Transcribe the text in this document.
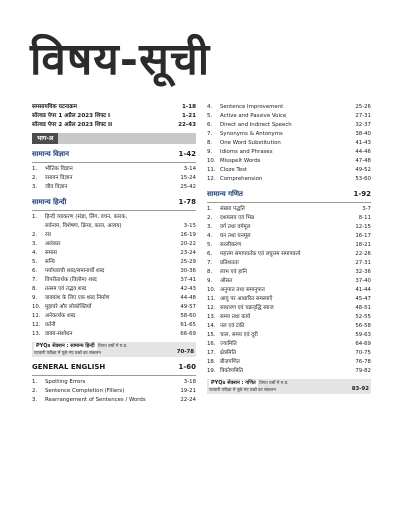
विषय-सूची
समसामयिक घटनाक्रम	1-18
सॉल्वड पेपर 1 अप्रैल 2023 शिफ्ट I	1-21
सॉल्वड पेपर 2 अप्रैल 2023 शिफ्ट II	22-43
भाग-अ
सामान्य विज्ञान	1-42
1. भौतिक विज्ञान	3-14
2. रसायन विज्ञान	15-24
3. जीव विज्ञान	25-42
सामान्य हिन्दी	1-78
1. हिन्दी व्याकरण (संज्ञा, लिंग, वचन, कारक,
सर्वनाम, विशेषण, क्रिया, काल, अव्यय)	3-15
2. रस	16-19
3. अलंकार	20-22
4. समास	23-24
5. सन्धि	25-29
6. पर्यायवाची शब्द/समानार्थी शब्द	30-36
7. विपरीतार्थक (विलोम) शब्द	37-41
8. तत्सम एवं तद्भव शब्द	42-43
9. वाक्यांश के लिए एक शब्द निर्माण	44-48
10. मुहावरे और लोकोक्तियाँ	49-57
11. अनेकार्थक शब्द	58-60
12. वर्तनी	61-65
13. वाक्य-संशोधन	66-69
PYQs सेक्शन : सामान्य हिन्दी विगत वर्षों में म.प्र.
पटवारी परीक्षा में पूछे गए प्रश्नों का संकलन	70-78
GENERAL ENGLISH	1-60
1. Spotting Errors	3-18
2. Sentence Completion (Fillers)	19-21
3. Rearrangement of Sentences / Words	22-24
4. Sentence Improvement	25-26
5. Active and Passive Voice	27-31
6. Direct and Indirect Speech	32-37
7. Synonyms & Antonyms	38-40
8. One Word Substitution	41-43
9. Idioms and Phrases	44-46
10. Misspelt Words	47-48
11. Cloze Test	49-52
12. Comprehension	53-60
सामान्य गणित	1-92
1. संख्या पद्धति	3-7
2. दशमलव एवं भिन्न	8-11
3. वर्ग तथा वर्गमूल	12-15
4. घन तथा घनमूल	16-17
5. सरलीकरण	18-21
6. महत्तम समापवर्तक एवं लघुत्तम समापवर्त्य	22-26
7. प्रतिशतता	27-31
8. लाभ एवं हानि	32-36
9. औसत	37-40
10. अनुपात तथा समानुपात	41-44
11. आयु पर आधारित समस्याएँ	45-47
12. साधारण एवं चक्रवृद्धि ब्याज	48-51
13. समय तथा कार्य	52-55
14. नल एवं टंकी	56-58
15. चाल, समय एवं दूरी	59-63
16. ज्यामिति	64-69
17. क्षेत्रमिति	70-75
18. बीजगणित	76-78
19. त्रिकोणमिति	79-82
PYQs सेक्शन : गणित विगत वर्षों में म.प्र.
पटवारी परीक्षा में पूछे गए प्रश्नों का संकलन	83-92
